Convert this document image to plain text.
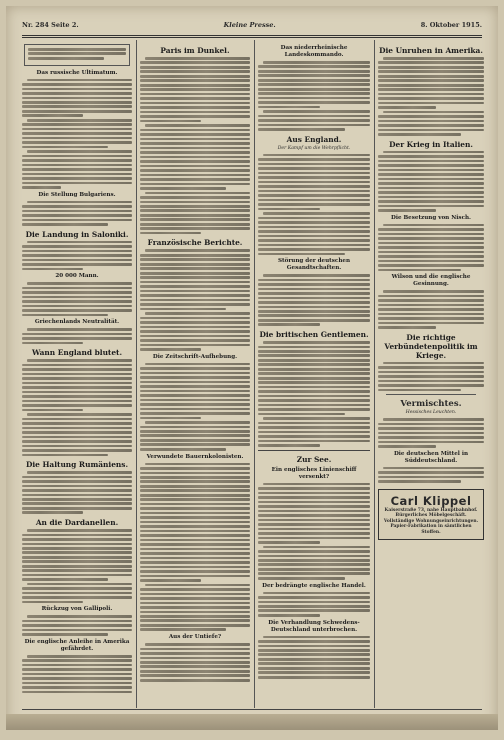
Nr. 284 Seite 2.	Kleine Presse.	8. Oktober 1915.
Das russische Ultimatum.
Die Stellung Bulgariens.
Die Landung in Saloniki.
20 000 Mann.
Griechenlands Neutralität.
Wann England blutet.
Die Haltung Rumäniens.
An die Dardanellen.
Rückzug von Gallipoli.
Die englische Anleihe in Amerika gefährdet.
Paris im Dunkel.
Französische Berichte.
Die Zeitschrift-Aufhebung.
Verwundete Bauernkolonisten.
Aus der Untiefe?
Das niederrheinische Landeskommando.
Aus England.
Der Kampf um die Wehrpflicht.
Störung der deutschen Gesandtschaften.
Die britischen Gentlemen.
Zur See.
Ein englisches Linienschiff versenkt?
Der bedrängte englische Handel.
Die Verhandlung Schwedens-Deutschland unterbrochen.
Die Unruhen in Amerika.
Der Krieg in Italien.
Die Besetzung von Nisch.
Wilson und die englische Gesinnung.
Die richtige Verbündetenpolitik im Kriege.
Vermischtes.
Hessisches Leuchten.
Die deutschen Mittel in Süddeutschland.
Carl Klippel
Kaiserstraße 73, nahe Hauptbahnhof.
Bürgerliches Möbelgeschäft.
Vollständige Wohnungseinrichtungen.
Papier-Fabrikation in sämtlichen Stoffen.
